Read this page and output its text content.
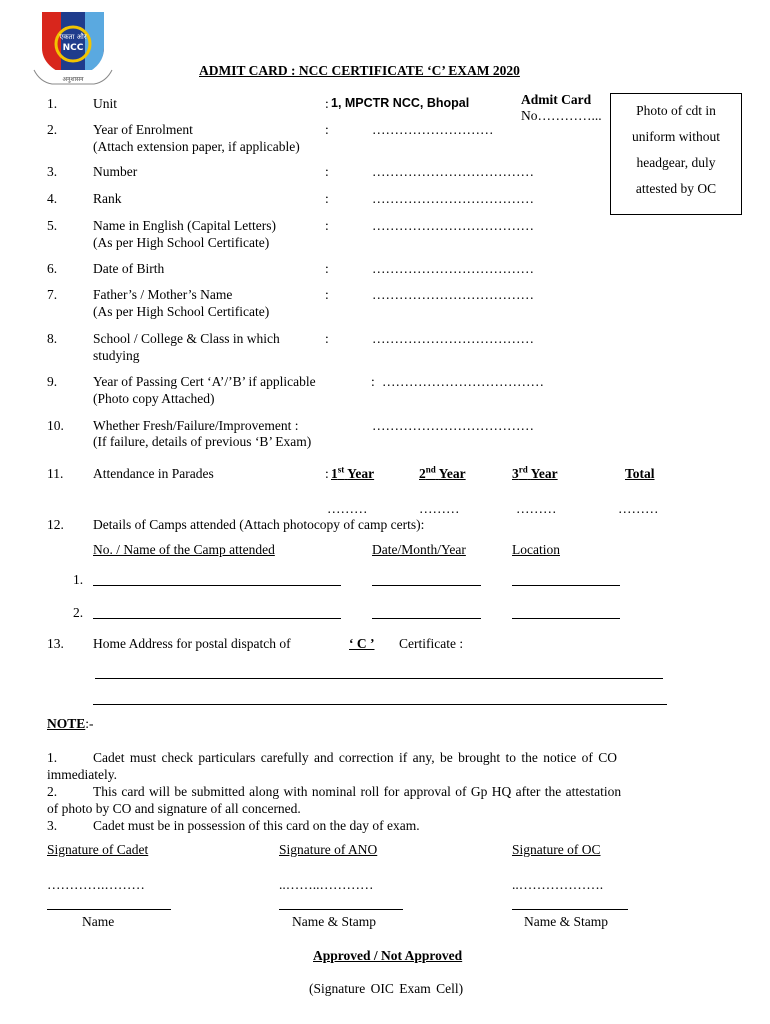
एकता और
NCC
अनुशासन
ADMIT CARD : NCC CERTIFICATE ‘C’ EXAM 2020
Admit Card
No…………...	Photo of cdt in
uniform without
headgear, duly
attested by OC
1.	Unit	: 1, MPCTR NCC, Bhopal
2.	Year of Enrolment
(Attach extension paper, if applicable)
:	………………………
3.	Number	:	………………………………
4.	Rank	:	………………………………
5.	Name in English (Capital Letters)
(As per High School Certificate)
:	………………………………
6.	Date of Birth	:	………………………………
7.	Father’s / Mother’s Name
(As per High School Certificate)
:	………………………………
8.	School / College & Class in which
studying
:	………………………………
9.	Year of Passing Cert ‘A’/’B’ if applicable
(Photo copy Attached)
: ………………………………
10. Whether Fresh/Failure/Improvement :
(If failure, details of previous ‘B’ Exam)
………………………………
11. Attendance in Parades	: 1st Year	2nd Year	3rd Year	Total
………	………	………	………
12. Details of Camps attended (Attach photocopy of camp certs):
No. / Name of the Camp attended	Date/Month/Year	Location
1.
2.
13. Home Address for postal dispatch of	‘ C ’ Certificate :
NOTE:-
1.	Cadet must check particulars carefully and correction if any, be brought to the notice of CO
immediately.
2.	This card will be submitted along with nominal roll for approval of Gp HQ after the attestation
of photo by CO and signature of all concerned.
3.	Cadet must be in possession of this card on the day of exam.
Signature of Cadet
………….………
Name
Signature of ANO
..……..…………
Name & Stamp
Signature of OC
..……………….
Name & Stamp
Approved / Not Approved
(Signature OIC Exam Cell)
